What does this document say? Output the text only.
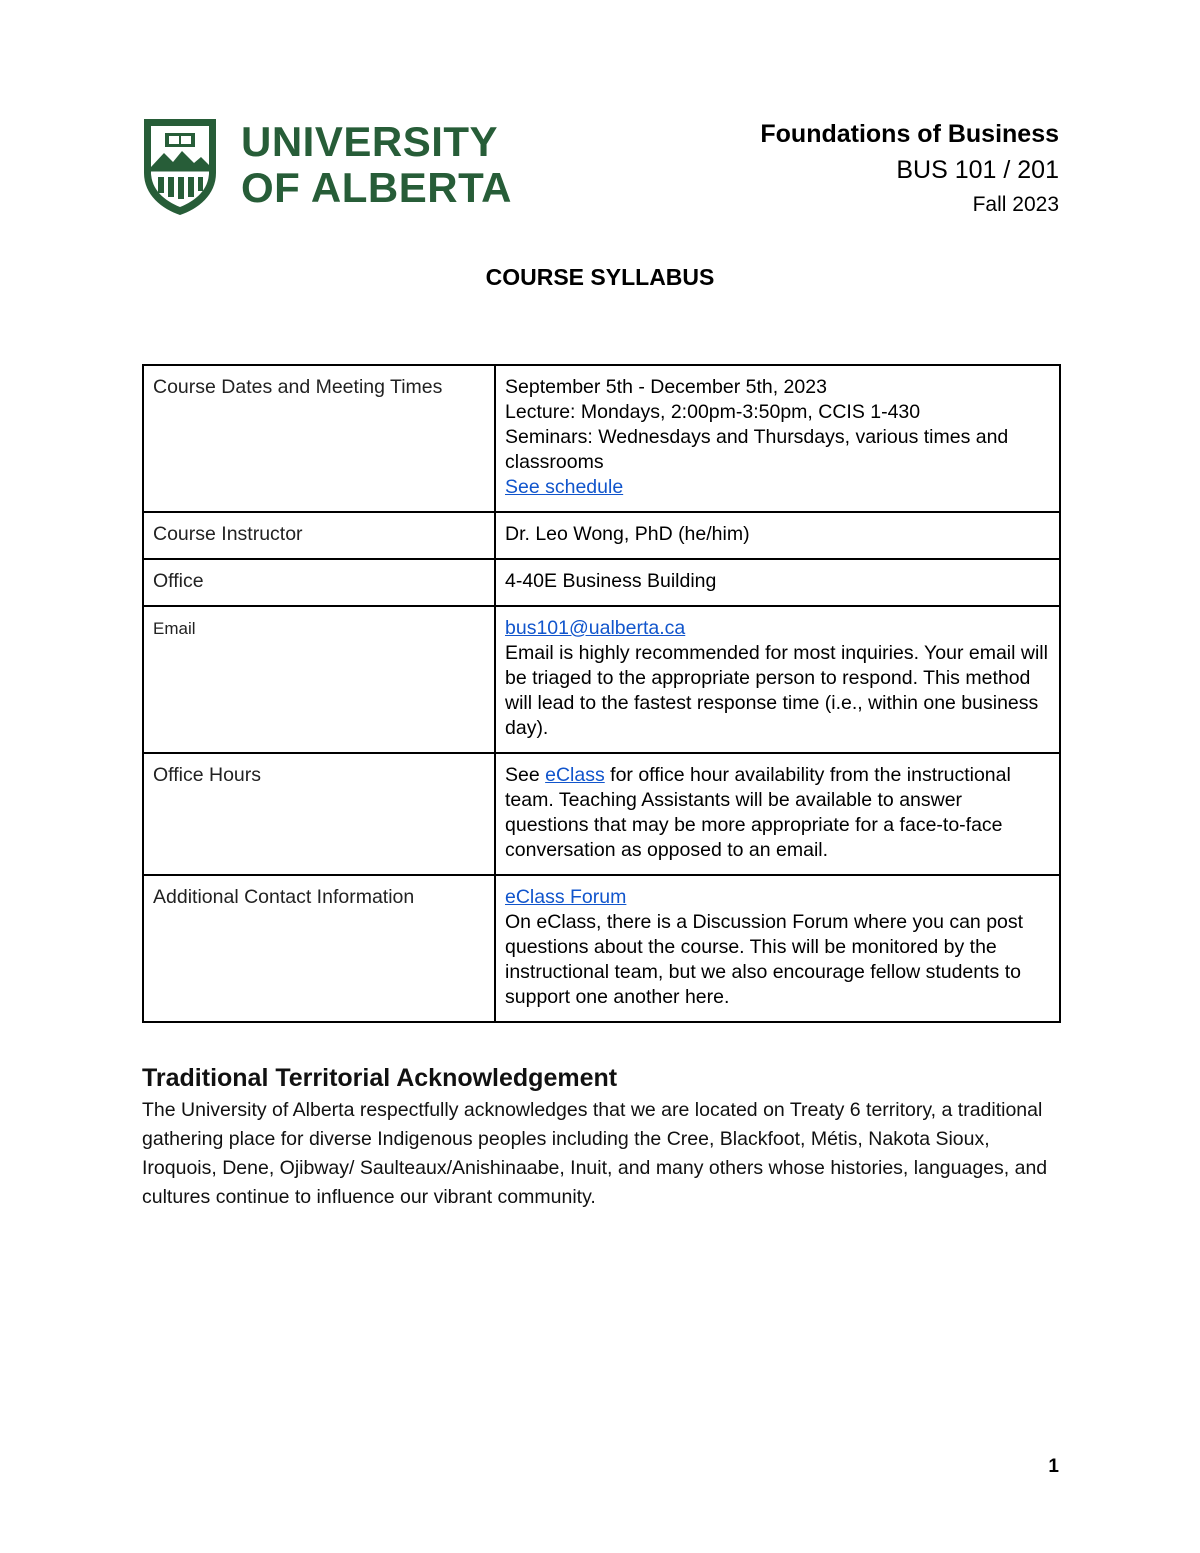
UNIVERSITY
OF ALBERTA
Foundations of Business
BUS 101 / 201
Fall 2023
COURSE SYLLABUS
Course Dates and Meeting Times	September 5th - December 5th, 2023
Lecture: Mondays, 2:00pm-3:50pm, CCIS 1-430
Seminars: Wednesdays and Thursdays, various times and classrooms
See schedule

Course Instructor	Dr. Leo Wong, PhD (he/him)
Office	4-40E Business Building
Email	bus101@ualberta.ca
Email is highly recommended for most inquiries. Your email will be triaged to the appropriate person to respond. This method will lead to the fastest response time (i.e., within one business day).

Office Hours	See eClass for office hour availability from the instructional team. Teaching Assistants will be available to answer questions that may be more appropriate for a face-to-face conversation as opposed to an email.
Additional Contact Information	eClass Forum
On eClass, there is a Discussion Forum where you can post questions about the course. This will be monitored by the instructional team, but we also encourage fellow students to support one another here.
Traditional Territorial Acknowledgement
The University of Alberta respectfully acknowledges that we are located on Treaty 6 territory, a traditional gathering place for diverse Indigenous peoples including the Cree, Blackfoot, Métis, Nakota Sioux, Iroquois, Dene, Ojibway/ Saulteaux/Anishinaabe, Inuit, and many others whose histories, languages, and cultures continue to influence our vibrant community.
1
